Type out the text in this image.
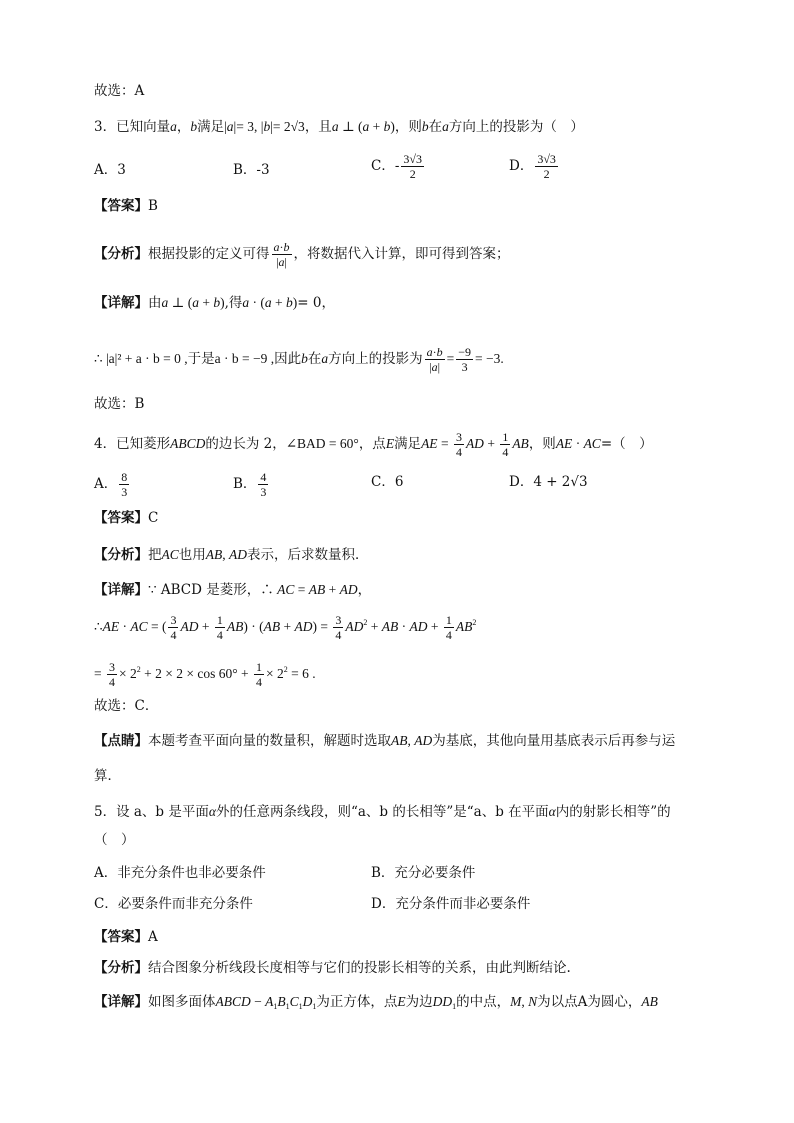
故选：A
3．已知向量a，b满足|a|= 3, |b|= 2√3，且a ⊥ (a + b)，则b在a方向上的投影为（　）
A．3	B．-3	C．- $\frac{3√3}{2}$	D． $\frac{3√3}{2}$
【答案】B
【分析】根据投影的定义可得 $\frac{a\cdot b}{|a|}$ ，将数据代入计算，即可得到答案；
【详解】由a ⊥ (a + b),得a · (a + b)= 0，
∴ |a|² + a · b = 0 ,于是a · b = −9 ,因此b在a方向上的投影为 $\frac{a\cdot b}{|a|} = \frac{-9}{3} = -3$.
故选：B
4．已知菱形ABCD的边长为 2，∠BAD = 60°，点E满足AE = $\frac{3}{4}$ AD + $\frac{1}{4}$ AB，则AE · AC=（　）
A． $\frac{8}{3}$	B． $\frac{4}{3}$	C．6	D．4 + 2√3
【答案】C
【分析】把AC也用AB, AD表示，后求数量积．
【详解】∵ ABCD 是菱形，∴ AC = AB + AD，
∴AE · AC = ( $\frac{3}{4}$ AD + $\frac{1}{4} AB) \cdot (AB + AD) = \frac{3}{4} AD^2$ + AB · AD + $\frac{1}{4} AB^2$
= $\frac{3}{4} \times 2^2 + 2 \times 2 \times \cos 60^\circ + \frac{1}{4} \times 2^2 = 6$ .
故选：C．
【点睛】本题考查平面向量的数量积，解题时选取AB, AD为基底，其他向量用基底表示后再参与运
算．
5．设 a、b 是平面α外的任意两条线段，则“a、b 的长相等”是“a、b 在平面α内的射影长相等”的
（　）
A．非充分条件也非必要条件	B．充分必要条件
C．必要条件而非充分条件	D．充分条件而非必要条件
【答案】A
【分析】结合图象分析线段长度相等与它们的投影长相等的关系，由此判断结论.
【详解】如图多面体ABCD − $A_1B_1C_1D_1$为正方体，点E为边$DD_1$的中点，M, N为以点A为圆心，AB
